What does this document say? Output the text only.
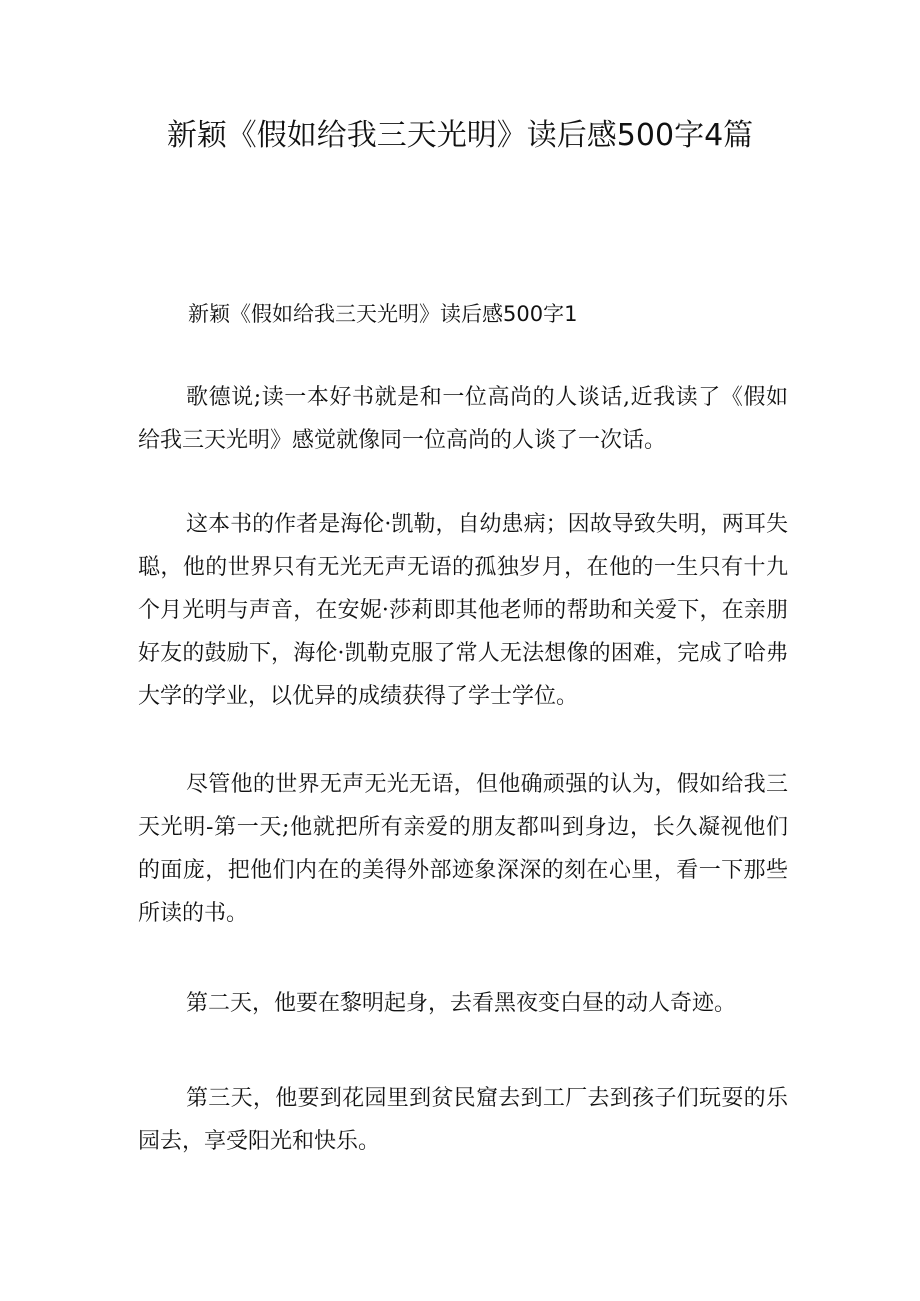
新颖《假如给我三天光明》读后感500字4篇

新颖《假如给我三天光明》读后感500字1

歌德说;读一本好书就是和一位高尚的人谈话,近我读了《假如给我三天光明》感觉就像同一位高尚的人谈了一次话。

这本书的作者是海伦·凯勒，自幼患病；因故导致失明，两耳失聪，他的世界只有无光无声无语的孤独岁月，在他的一生只有十九个月光明与声音，在安妮·莎莉即其他老师的帮助和关爱下，在亲朋好友的鼓励下，海伦·凯勒克服了常人无法想像的困难，完成了哈弗大学的学业，以优异的成绩获得了学士学位。

尽管他的世界无声无光无语，但他确顽强的认为，假如给我三天光明-第一天;他就把所有亲爱的朋友都叫到身边，长久凝视他们的面庞，把他们内在的美得外部迹象深深的刻在心里，看一下那些所读的书。

第二天，他要在黎明起身，去看黑夜变白昼的动人奇迹。

第三天，他要到花园里到贫民窟去到工厂去到孩子们玩耍的乐园去，享受阳光和快乐。
